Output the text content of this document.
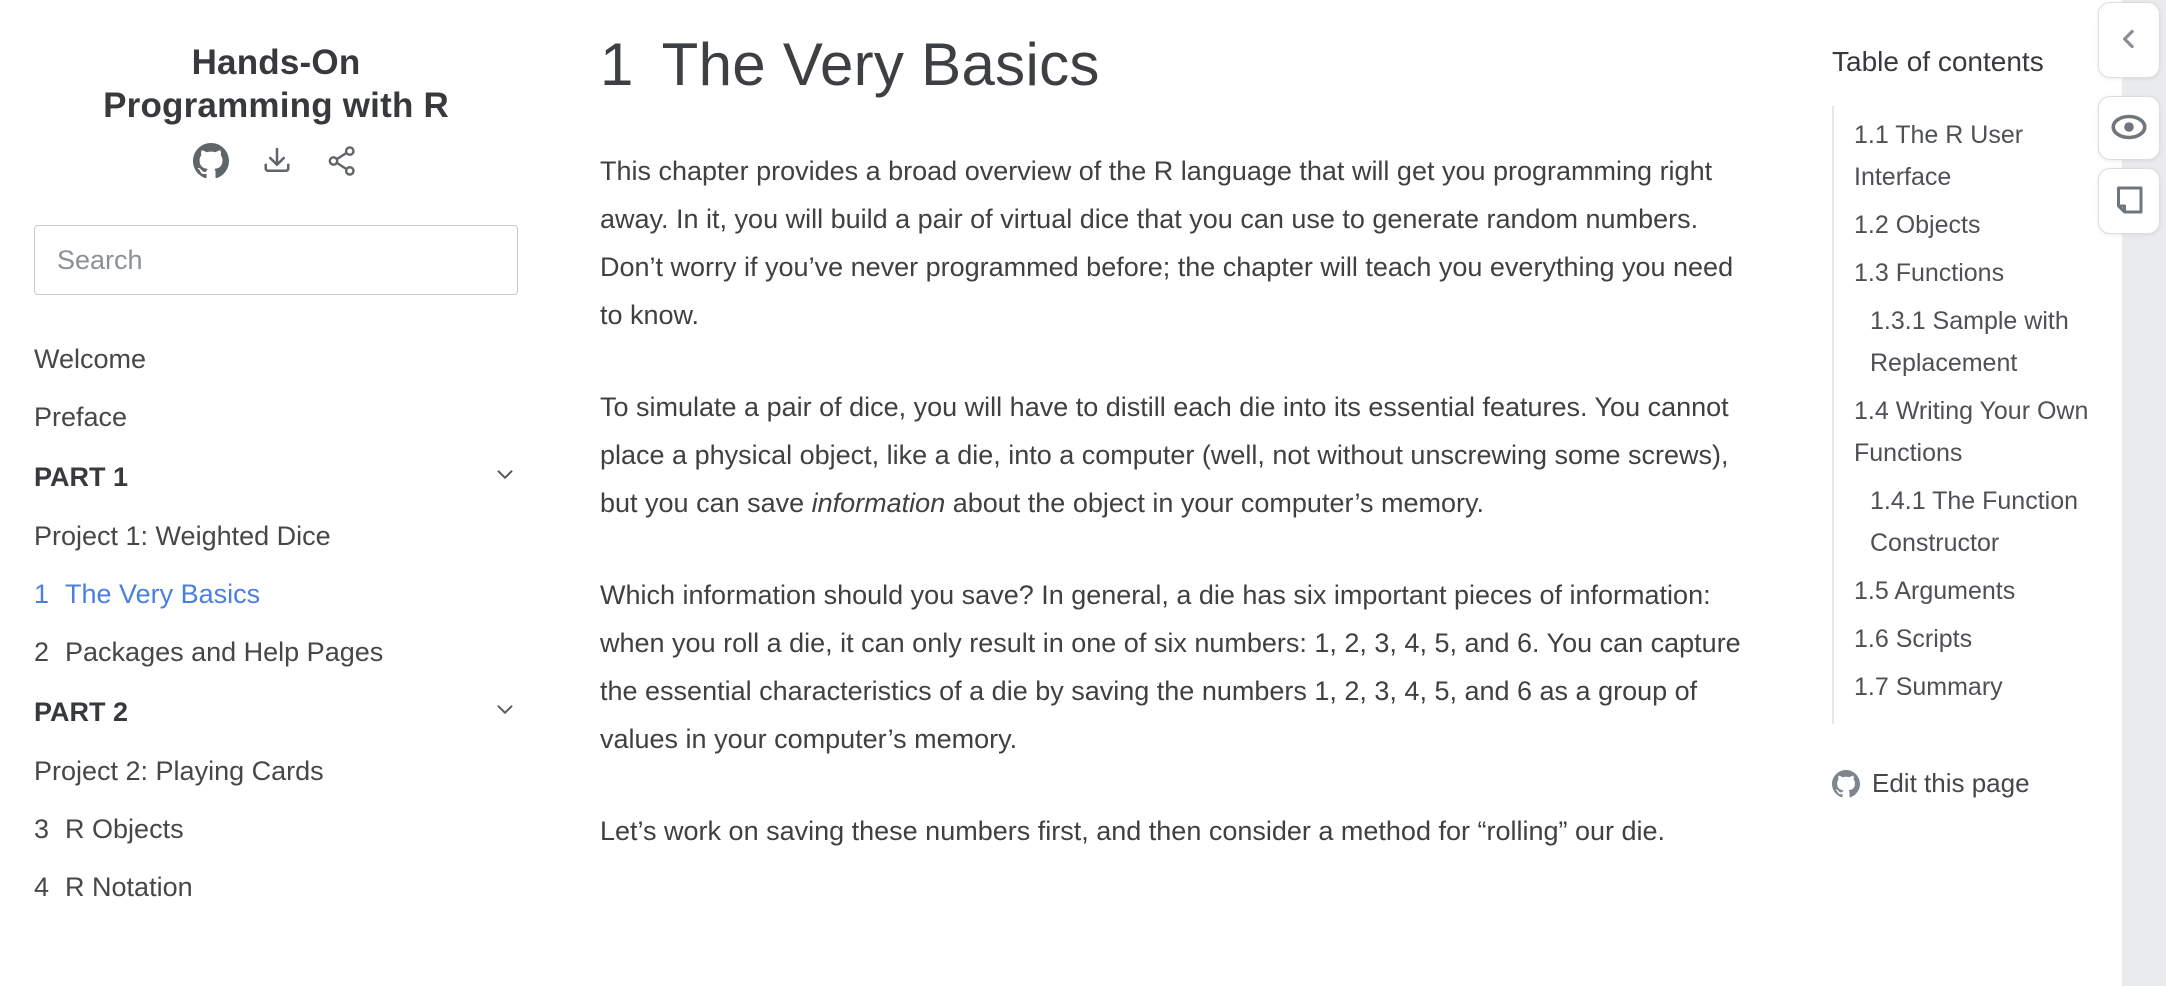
Hands-On
Programming with R
Search
Welcome
Preface
PART 1
Project 1: Weighted Dice
1 The Very Basics
2 Packages and Help Pages
PART 2
Project 2: Playing Cards
3 R Objects
4 R Notation
1 The Very Basics

This chapter provides a broad overview of the R language that will get you programming right away. In it, you will build a pair of virtual dice that you can use to generate random numbers. Don’t worry if you’ve never programmed before; the chapter will teach you everything you need to know.

To simulate a pair of dice, you will have to distill each die into its essential features. You cannot place a physical object, like a die, into a computer (well, not without unscrewing some screws), but you can save information about the object in your computer’s memory.

Which information should you save? In general, a die has six important pieces of information: when you roll a die, it can only result in one of six numbers: 1, 2, 3, 4, 5, and 6. You can capture the essential characteristics of a die by saving the numbers 1, 2, 3, 4, 5, and 6 as a group of values in your computer’s memory.

Let’s work on saving these numbers first, and then consider a method for “rolling” our die.

Table of contents
1.1 The R User Interface
1.2 Objects
1.3 Functions
1.3.1 Sample with Replacement
1.4 Writing Your Own Functions
1.4.1 The Function Constructor
1.5 Arguments
1.6 Scripts
1.7 Summary
Edit this page
